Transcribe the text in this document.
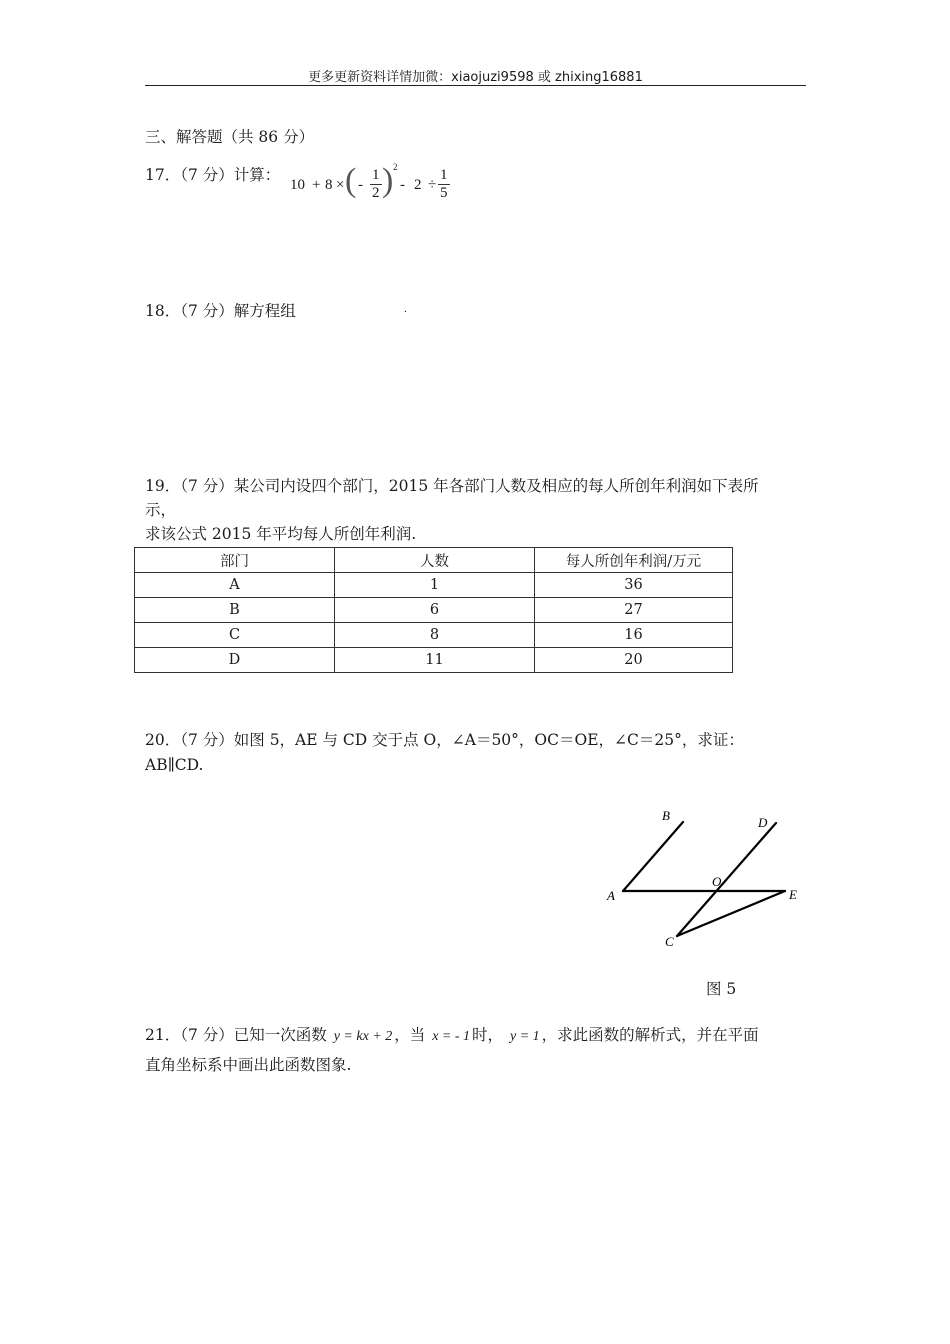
更多更新资料详情加微：xiaojuzi9598 或 zhixing16881
三、解答题（共 86 分）
17．（7 分）计算：
10 + 8 × ( - $\frac{1}{2}$ ) 2
- $2 \div \frac{1}{5}$
18．（7 分）解方程组	.
19．（7 分）某公司内设四个部门，2015 年各部门人数及相应的每人所创年利润如下表所
示，
求该公式 2015 年平均每人所创年利润.
部门	人数	每人所创年利润/万元
A	1	36
B	6	27
C	8	16
D	11	20
20．（7 分）如图 5，AE 与 CD 交于点 O，∠A＝50°，OC＝OE，∠C＝25°，求证：
AB∥CD.
B	D
O
A	E
C
图 5
21．（7 分）已知一次函数 y = kx + 2 ，当 x = - 1 时， y = 1 ，求此函数的解析式，并在平面
直角坐标系中画出此函数图象.
